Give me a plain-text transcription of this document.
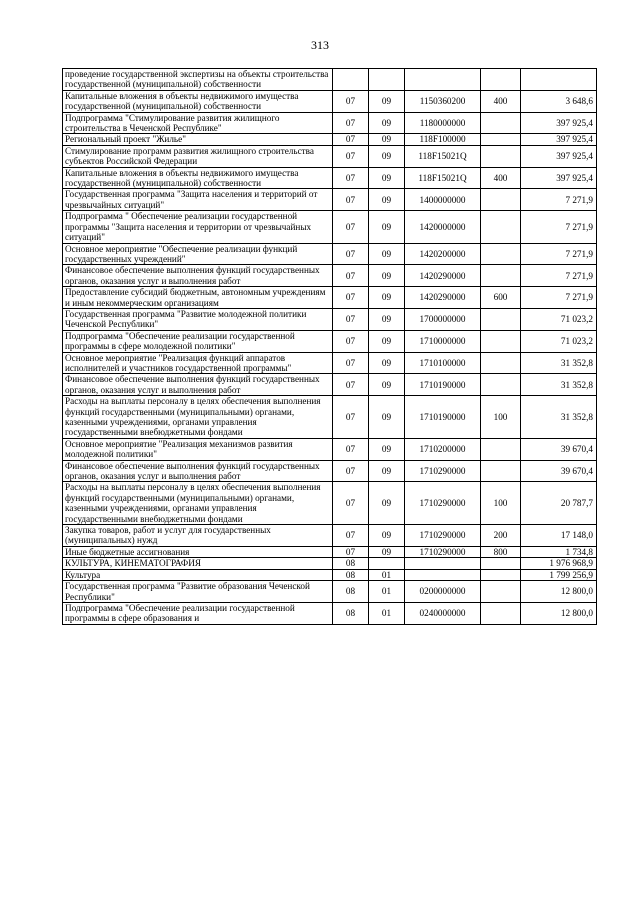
313
проведение государственной экспертизы на объекты строительства государственной (муниципальной) собственности					
Капитальные вложения в объекты недвижимого имущества государственной (муниципальной) собственности	07	09	1150360200	400	3 648,6
Подпрограмма "Стимулирование развития жилищного строительства в Чеченской Республике"	07	09	1180000000		397 925,4
Региональный проект "Жилье"	07	09	118F100000		397 925,4
Стимулирование программ развития жилищного строительства субъектов Российской Федерации	07	09	118F15021Q		397 925,4
Капитальные вложения в объекты недвижимого имущества государственной (муниципальной) собственности	07	09	118F15021Q	400	397 925,4
Государственная программа "Защита населения и территорий от чрезвычайных ситуаций"	07	09	1400000000		7 271,9
Подпрограмма " Обеспечение реализации государственной программы "Защита населения и территории от чрезвычайных ситуаций"	07	09	1420000000		7 271,9
Основное мероприятие "Обеспечение реализации функций государственных учреждений"	07	09	1420200000		7 271,9
Финансовое обеспечение выполнения функций государственных органов, оказания услуг и выполнения работ	07	09	1420290000		7 271,9
Предоставление субсидий бюджетным, автономным учреждениям и иным некоммерческим организациям	07	09	1420290000	600	7 271,9
Государственная программа "Развитие молодежной политики Чеченской Республики"	07	09	1700000000		71 023,2
Подпрограмма "Обеспечение реализации государственной программы в сфере молодежной политики"	07	09	1710000000		71 023,2
Основное мероприятие "Реализация функций аппаратов исполнителей и участников государственной программы"	07	09	1710100000		31 352,8
Финансовое обеспечение выполнения функций государственных органов, оказания услуг и выполнения работ	07	09	1710190000		31 352,8
Расходы на выплаты персоналу в целях обеспечения выполнения функций государственными (муниципальными) органами, казенными учреждениями, органами управления государственными внебюджетными фондами	07	09	1710190000	100	31 352,8
Основное мероприятие "Реализация механизмов развития молодежной политики"	07	09	1710200000		39 670,4
Финансовое обеспечение выполнения функций государственных органов, оказания услуг и выполнения работ	07	09	1710290000		39 670,4
Расходы на выплаты персоналу в целях обеспечения выполнения функций государственными (муниципальными) органами, казенными учреждениями, органами управления государственными внебюджетными фондами	07	09	1710290000	100	20 787,7
Закупка товаров, работ и услуг для государственных (муниципальных) нужд	07	09	1710290000	200	17 148,0
Иные бюджетные ассигнования	07	09	1710290000	800	1 734,8
КУЛЬТУРА, КИНЕМАТОГРАФИЯ	08				1 976 968,9
Культура	08	01			1 799 256,9
Государственная программа "Развитие образования Чеченской Республики"	08	01	0200000000		12 800,0
Подпрограмма "Обеспечение реализации государственной программы в сфере образования и	08	01	0240000000		12 800,0
